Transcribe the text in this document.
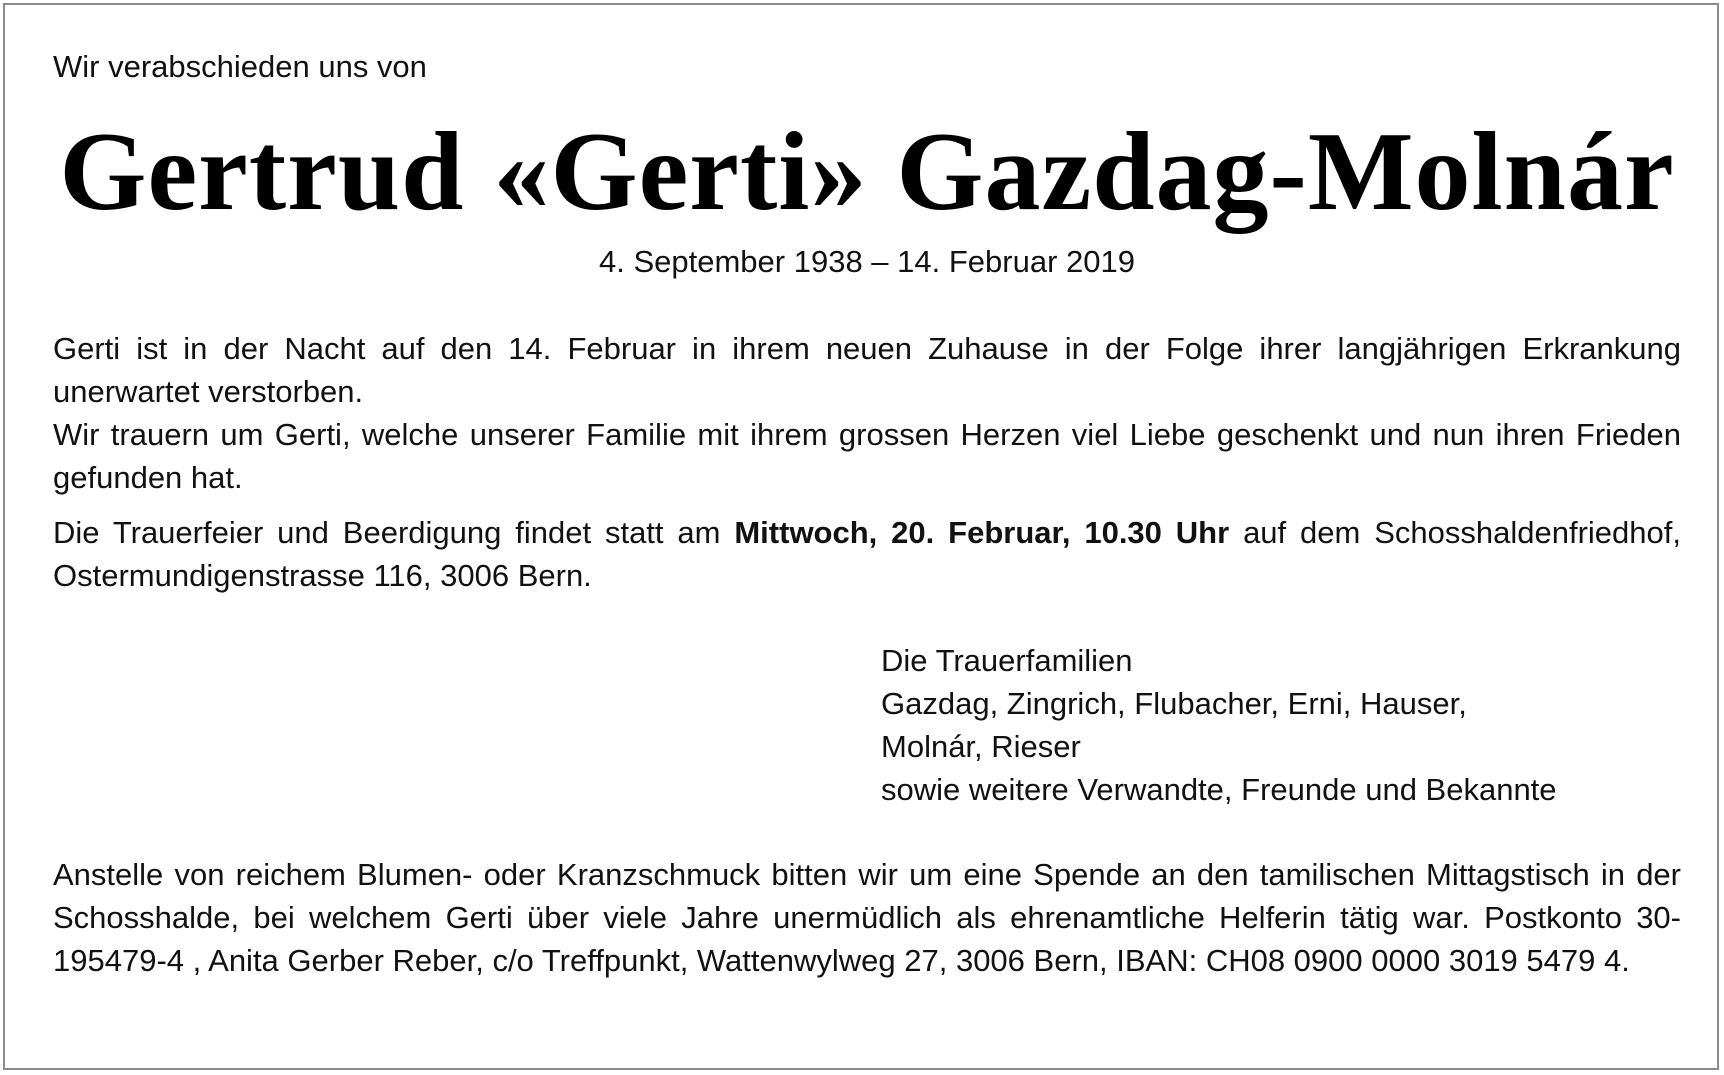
Wir verabschieden uns von

Gertrud «Gerti» Gazdag-Molnár

4. September 1938 – 14. Februar 2019

Gerti ist in der Nacht auf den 14. Februar in ihrem neuen Zuhause in der Folge ihrer langjährigen Erkrankung unerwartet verstorben.

Wir trauern um Gerti, welche unserer Familie mit ihrem grossen Herzen viel Liebe geschenkt und nun ihren Frieden gefunden hat.

Die Trauerfeier und Beerdigung findet statt am Mittwoch, 20. Februar, 10.30 Uhr auf dem Schosshaldenfriedhof, Ostermundigenstrasse 116, 3006 Bern.

Die Trauerfamilien
Gazdag, Zingrich, Flubacher, Erni, Hauser,
Molnár, Rieser
sowie weitere Verwandte, Freunde und Bekannte

Anstelle von reichem Blumen- oder Kranzschmuck bitten wir um eine Spende an den tamilischen Mittagstisch in der Schosshalde, bei welchem Gerti über viele Jahre unermüdlich als ehrenamtliche Helferin tätig war. Postkonto 30-195479-4 , Anita Gerber Reber, c/o Treffpunkt, Wattenwylweg 27, 3006 Bern, IBAN: CH08 0900 0000 3019 5479 4.
